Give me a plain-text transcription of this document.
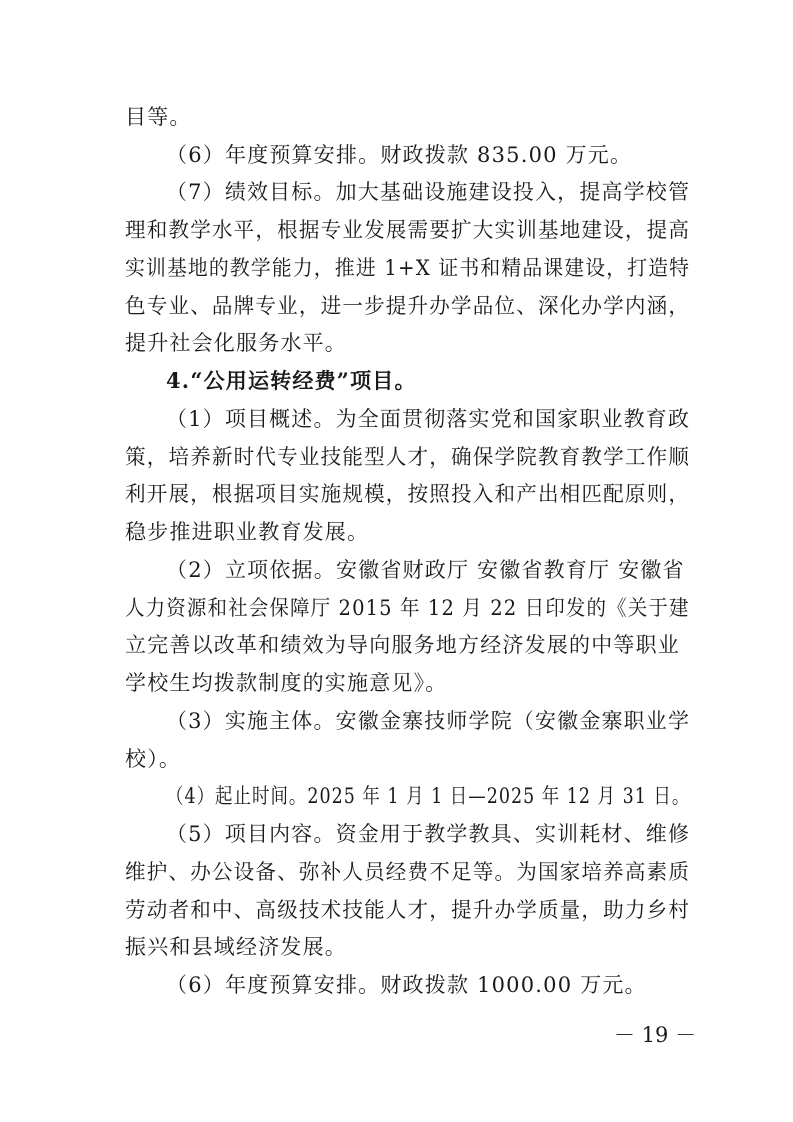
目等。
（6）年度预算安排。财政拨款 835.00 万元。
（7）绩效目标。加大基础设施建设投入，提高学校管
理和教学水平，根据专业发展需要扩大实训基地建设，提高
实训基地的教学能力，推进 1+X 证书和精品课建设，打造特
色专业、品牌专业，进一步提升办学品位、深化办学内涵，
提升社会化服务水平。
4.“公用运转经费”项目。
（1）项目概述。为全面贯彻落实党和国家职业教育政
策，培养新时代专业技能型人才，确保学院教育教学工作顺
利开展，根据项目实施规模，按照投入和产出相匹配原则，
稳步推进职业教育发展。
（2）立项依据。安徽省财政厅 安徽省教育厅 安徽省
人力资源和社会保障厅 2015 年 12 月 22 日印发的《关于建
立完善以改革和绩效为导向服务地方经济发展的中等职业
学校生均拨款制度的实施意见》。
（3）实施主体。安徽金寨技师学院（安徽金寨职业学
校）。
（4）起止时间。2025 年 1 月 1 日—2025 年 12 月 31 日。
（5）项目内容。资金用于教学教具、实训耗材、维修
维护、办公设备、弥补人员经费不足等。为国家培养高素质
劳动者和中、高级技术技能人才，提升办学质量，助力乡村
振兴和县域经济发展。
（6）年度预算安排。财政拨款 1000.00 万元。
－ 19 －
